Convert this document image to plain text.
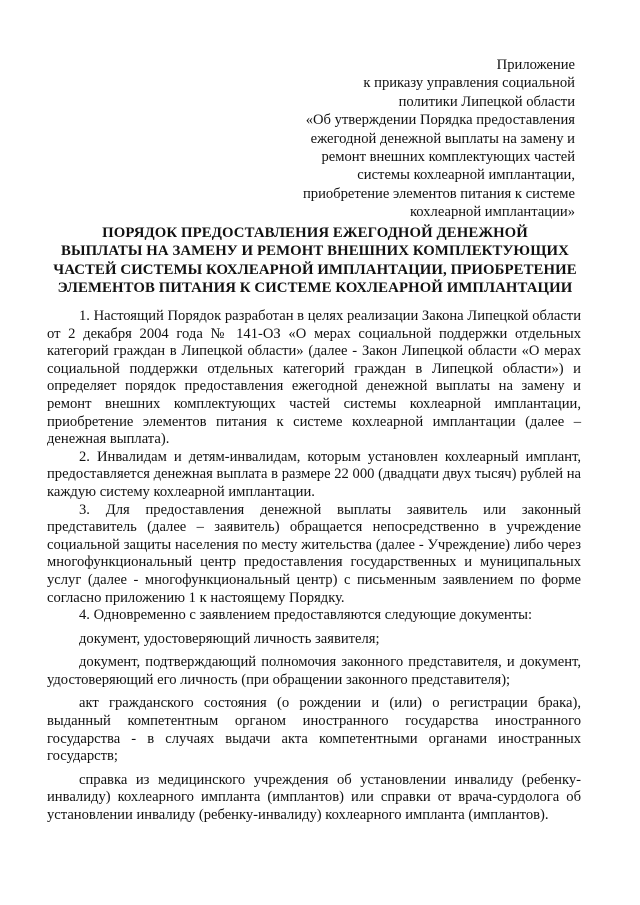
Приложение
к приказу управления социальной
политики Липецкой области
«Об утверждении Порядка предоставления
ежегодной денежной выплаты на замену и
ремонт внешних комплектующих частей
системы кохлеарной имплантации,
приобретение элементов питания к системе
кохлеарной имплантации»
ПОРЯДОК ПРЕДОСТАВЛЕНИЯ ЕЖЕГОДНОЙ ДЕНЕЖНОЙ
ВЫПЛАТЫ НА ЗАМЕНУ И РЕМОНТ ВНЕШНИХ КОМПЛЕКТУЮЩИХ
ЧАСТЕЙ СИСТЕМЫ КОХЛЕАРНОЙ ИМПЛАНТАЦИИ, ПРИОБРЕТЕНИЕ
ЭЛЕМЕНТОВ ПИТАНИЯ К СИСТЕМЕ КОХЛЕАРНОЙ ИМПЛАНТАЦИИ

1. Настоящий Порядок разработан в целях реализации Закона Липецкой области от 2 декабря 2004 года № 141-ОЗ «О мерах социальной поддержки отдельных категорий граждан в Липецкой области» (далее - Закон Липецкой области «О мерах социальной поддержки отдельных категорий граждан в Липецкой области») и определяет порядок предоставления ежегодной денежной выплаты на замену и ремонт внешних комплектующих частей системы кохлеарной имплантации, приобретение элементов питания к системе кохлеарной имплантации (далее – денежная выплата).

2. Инвалидам и детям-инвалидам, которым установлен кохлеарный имплант, предоставляется денежная выплата в размере 22 000 (двадцати двух тысяч) рублей на каждую систему кохлеарной имплантации.

3. Для предоставления денежной выплаты заявитель или законный представитель (далее – заявитель) обращается непосредственно в учреждение социальной защиты населения по месту жительства (далее - Учреждение) либо через многофункциональный центр предоставления государственных и муниципальных услуг (далее - многофункциональный центр) с письменным заявлением по форме согласно приложению 1 к настоящему Порядку.

4. Одновременно с заявлением предоставляются следующие документы:

документ, удостоверяющий личность заявителя;

документ, подтверждающий полномочия законного представителя, и документ, удостоверяющий его личность (при обращении законного представителя);

акт гражданского состояния (о рождении и (или) о регистрации брака), выданный компетентным органом иностранного государства иностранного государства - в случаях выдачи акта компетентными органами иностранных государств;

справка из медицинского учреждения об установлении инвалиду (ребенку-инвалиду) кохлеарного импланта (имплантов) или справки от врача-сурдолога об установлении инвалиду (ребенку-инвалиду) кохлеарного импланта (имплантов).
